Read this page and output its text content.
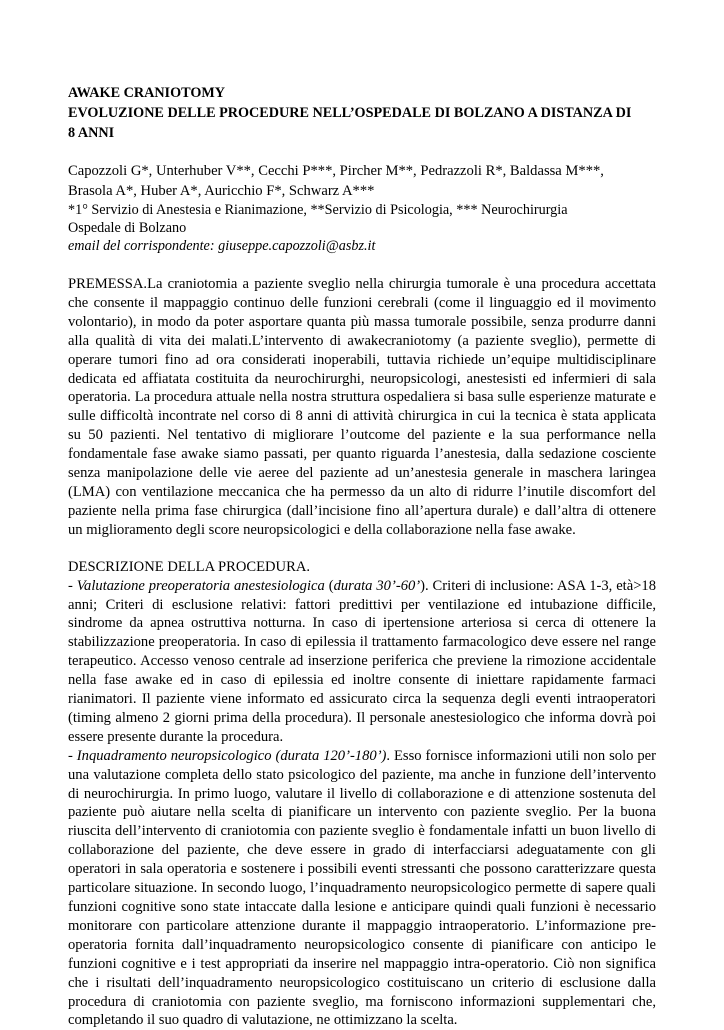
AWAKE CRANIOTOMY
EVOLUZIONE DELLE PROCEDURE NELL’OSPEDALE DI BOLZANO A DISTANZA DI
8 ANNI
Capozzoli G*, Unterhuber V**, Cecchi P***, Pircher M**, Pedrazzoli R*, Baldassa M***,
Brasola A*, Huber A*, Auricchio F*, Schwarz A***
*1° Servizio di Anestesia e Rianimazione, **Servizio di Psicologia, *** Neurochirurgia
Ospedale di Bolzano
email del corrispondente: giuseppe.capozzoli@asbz.it
PREMESSA.La craniotomia a paziente sveglio nella chirurgia tumorale è una procedura accettata che consente il mappaggio continuo delle funzioni cerebrali (come il linguaggio ed il movimento volontario), in modo da poter asportare quanta più massa tumorale possibile, senza produrre danni alla qualità di vita dei malati.L’intervento di awakecraniotomy (a paziente sveglio), permette di operare tumori fino ad ora considerati inoperabili, tuttavia richiede un’equipe multidisciplinare dedicata ed affiatata costituita da neurochirurghi, neuropsicologi, anestesisti ed infermieri di sala operatoria. La procedura attuale nella nostra struttura ospedaliera si basa sulle esperienze maturate e sulle difficoltà incontrate nel corso di 8 anni di attività chirurgica in cui la tecnica è stata applicata su 50 pazienti. Nel tentativo di migliorare l’outcome del paziente e la sua performance nella fondamentale fase awake siamo passati, per quanto riguarda l’anestesia, dalla sedazione cosciente senza manipolazione delle vie aeree del paziente ad un’anestesia generale in maschera laringea (LMA) con ventilazione meccanica che ha permesso da un alto di ridurre l’inutile discomfort del paziente nella prima fase chirurgica (dall’incisione fino all’apertura durale) e dall’altra di ottenere un miglioramento degli score neuropsicologici e della collaborazione nella fase awake.
DESCRIZIONE DELLA PROCEDURA.
- Valutazione preoperatoria anestesiologica (durata 30’-60’). Criteri di inclusione: ASA 1-3, età>18 anni; Criteri di esclusione relativi: fattori predittivi per ventilazione ed intubazione difficile, sindrome da apnea ostruttiva notturna. In caso di ipertensione arteriosa si cerca di ottenere la stabilizzazione preoperatoria. In caso di epilessia il trattamento farmacologico deve essere nel range terapeutico. Accesso venoso centrale ad inserzione periferica che previene la rimozione accidentale nella fase awake ed in caso di epilessia ed inoltre consente di iniettare rapidamente farmaci rianimatori. Il paziente viene informato ed assicurato circa la sequenza degli eventi intraoperatori (timing almeno 2 giorni prima della procedura). Il personale anestesiologico che informa dovrà poi essere presente durante la procedura.
- Inquadramento neuropsicologico (durata 120’-180’). Esso fornisce informazioni utili non solo per una valutazione completa dello stato psicologico del paziente, ma anche in funzione dell’intervento di neurochirurgia. In primo luogo, valutare il livello di collaborazione e di attenzione sostenuta del paziente può aiutare nella scelta di pianificare un intervento con paziente sveglio. Per la buona riuscita dell’intervento di craniotomia con paziente sveglio è fondamentale infatti un buon livello di collaborazione del paziente, che deve essere in grado di interfacciarsi adeguatamente con gli operatori in sala operatoria e sostenere i possibili eventi stressanti che possono caratterizzare questa particolare situazione. In secondo luogo, l’inquadramento neuropsicologico permette di sapere quali funzioni cognitive sono state intaccate dalla lesione e anticipare quindi quali funzioni è necessario monitorare con particolare attenzione durante il mappaggio intraoperatorio. L’informazione pre-operatoria fornita dall’inquadramento neuropsicologico consente di pianificare con anticipo le funzioni cognitive e i test appropriati da inserire nel mappaggio intra-operatorio. Ciò non significa che i risultati dell’inquadramento neuropsicologico costituiscano un criterio di esclusione dalla procedura di craniotomia con paziente sveglio, ma forniscono informazioni supplementari che, completando il suo quadro di valutazione, ne ottimizzano la scelta.
